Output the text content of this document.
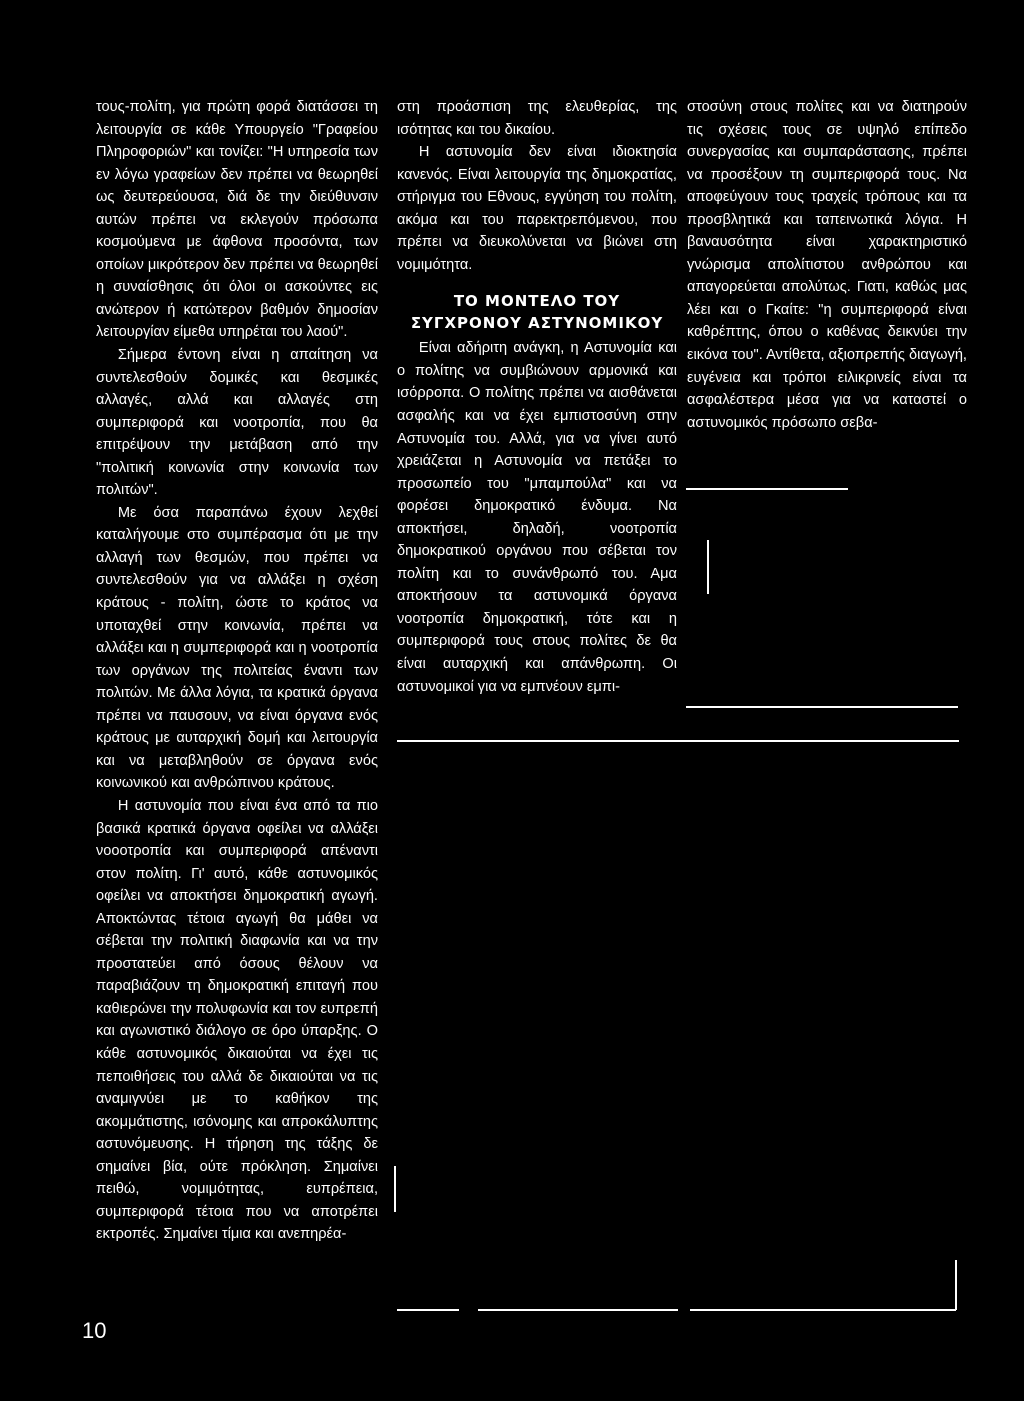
τους-πολίτη, για πρώτη φορά διατάσσει τη λειτουργία σε κάθε Υπουργείο "Γραφείου Πληροφοριών" και τονίζει: "Η υπηρεσία των εν λόγω γραφείων δεν πρέπει να θεωρηθεί ως δευτερεύουσα, διά δε την διεύθυνσιν αυτών πρέπει να εκλεγούν πρόσωπα κοσμούμενα με άφθονα προσόντα, των οποίων μικρότερον δεν πρέπει να θεωρηθεί η συναίσθησις ότι όλοι οι ασκούντες εις ανώτερον ή κατώτερον βαθμόν δημοσίαν λειτουργίαν είμεθα υπηρέται του λαού".

Σήμερα έντονη είναι η απαίτηση να συντελεσθούν δομικές και θεσμικές αλλαγές, αλλά και αλλαγές στη συμπεριφορά και νοοτροπία, που θα επιτρέψουν την μετάβαση από την "πολιτική κοινωνία στην κοινωνία των πολιτών".

Με όσα παραπάνω έχουν λεχθεί καταλήγουμε στο συμπέρασμα ότι με την αλλαγή των θεσμών, που πρέπει να συντελεσθούν για να αλλάξει η σχέση κράτους - πολίτη, ώστε το κράτος να υποταχθεί στην κοινωνία, πρέπει να αλλάξει και η συμπεριφορά και η νοοτροπία των οργάνων της πολιτείας έναντι των πολιτών. Με άλλα λόγια, τα κρατικά όργανα πρέπει να παυσουν, να είναι όργανα ενός κράτους με αυταρχική δομή και λειτουργία και να μεταβληθούν σε όργανα ενός κοινωνικού και ανθρώπινου κράτους.

Η αστυνομία που είναι ένα από τα πιο βασικά κρατικά όργανα οφείλει να αλλάξει νοοοτροπία και συμπεριφορά απέναντι στον πολίτη. Γι' αυτό, κάθε αστυνομικός οφείλει να αποκτήσει δημοκρατική αγωγή. Αποκτώντας τέτοια αγωγή θα μάθει να σέβεται την πολιτική διαφωνία και να την προστατεύει από όσους θέλουν να παραβιάζουν τη δημοκρατική επιταγή που καθιερώνει την πολυφωνία και τον ευπρεπή και αγωνιστικό διάλογο σε όρο ύπαρξης. Ο κάθε αστυνομικός δικαιούται να έχει τις πεποιθήσεις του αλλά δε δικαιούται να τις αναμιγνύει με το καθήκον της ακομμάτιστης, ισόνομης και απροκάλυπτης αστυνόμευσης. Η τήρηση της τάξης δε σημαίνει βία, ούτε πρόκληση. Σημαίνει πειθώ, νομιμότητας, ευπρέπεια, συμπεριφορά τέτοια που να αποτρέπει εκτροπές. Σημαίνει τίμια και ανεπηρέα-

στη προάσπιση της ελευθερίας, της ισότητας και του δικαίου.

Η αστυνομία δεν είναι ιδιοκτησία κανενός. Είναι λειτουργία της δημοκρατίας, στήριγμα του Εθνους, εγγύηση του πολίτη, ακόμα και του παρεκτρεπόμενου, που πρέπει να διευκολύνεται να βιώνει στη νομιμότητα.

ΤΟ ΜΟΝΤΕΛΟ ΤΟΥ
ΣΥΓΧΡΟΝΟΥ ΑΣΤΥΝΟΜΙΚΟΥ

Είναι αδήριτη ανάγκη, η Αστυνομία και ο πολίτης να συμβιώνουν αρμονικά και ισόρροπα. Ο πολίτης πρέπει να αισθάνεται ασφαλής και να έχει εμπιστοσύνη στην Αστυνομία του. Αλλά, για να γίνει αυτό χρειάζεται η Αστυνομία να πετάξει το προσωπείο του "μπαμπούλα" και να φορέσει δημοκρατικό ένδυμα. Να αποκτήσει, δηλαδή, νοοτροπία δημοκρατικού οργάνου που σέβεται τον πολίτη και το συνάνθρωπό του. Αμα αποκτήσουν τα αστυνομικά όργανα νοοτροπία δημοκρατική, τότε και η συμπεριφορά τους στους πολίτες δε θα είναι αυταρχική και απάνθρωπη. Οι αστυνομικοί για να εμπνέουν εμπι-

στοσύνη στους πολίτες και να διατηρούν τις σχέσεις τους σε υψηλό επίπεδο συνεργασίας και συμπαράστασης, πρέπει να προσέξουν τη συμπεριφορά τους. Να αποφεύγουν τους τραχείς τρόπους και τα προσβλητικά και ταπεινωτικά λόγια. Η βαναυσότητα είναι χαρακτηριστικό γνώρισμα απολίτιστου ανθρώπου και απαγορεύεται απολύτως. Γιατι, καθώς μας λέει και ο Γκαίτε: "η συμπεριφορά είναι καθρέπτης, όπου ο καθένας δεικνύει την εικόνα του". Αντίθετα, αξιοπρεπής διαγωγή, ευγένεια και τρόποι ειλικρινείς είναι τα ασφαλέστερα μέσα για να καταστεί ο αστυνομικός πρόσωπο σεβα-

10
